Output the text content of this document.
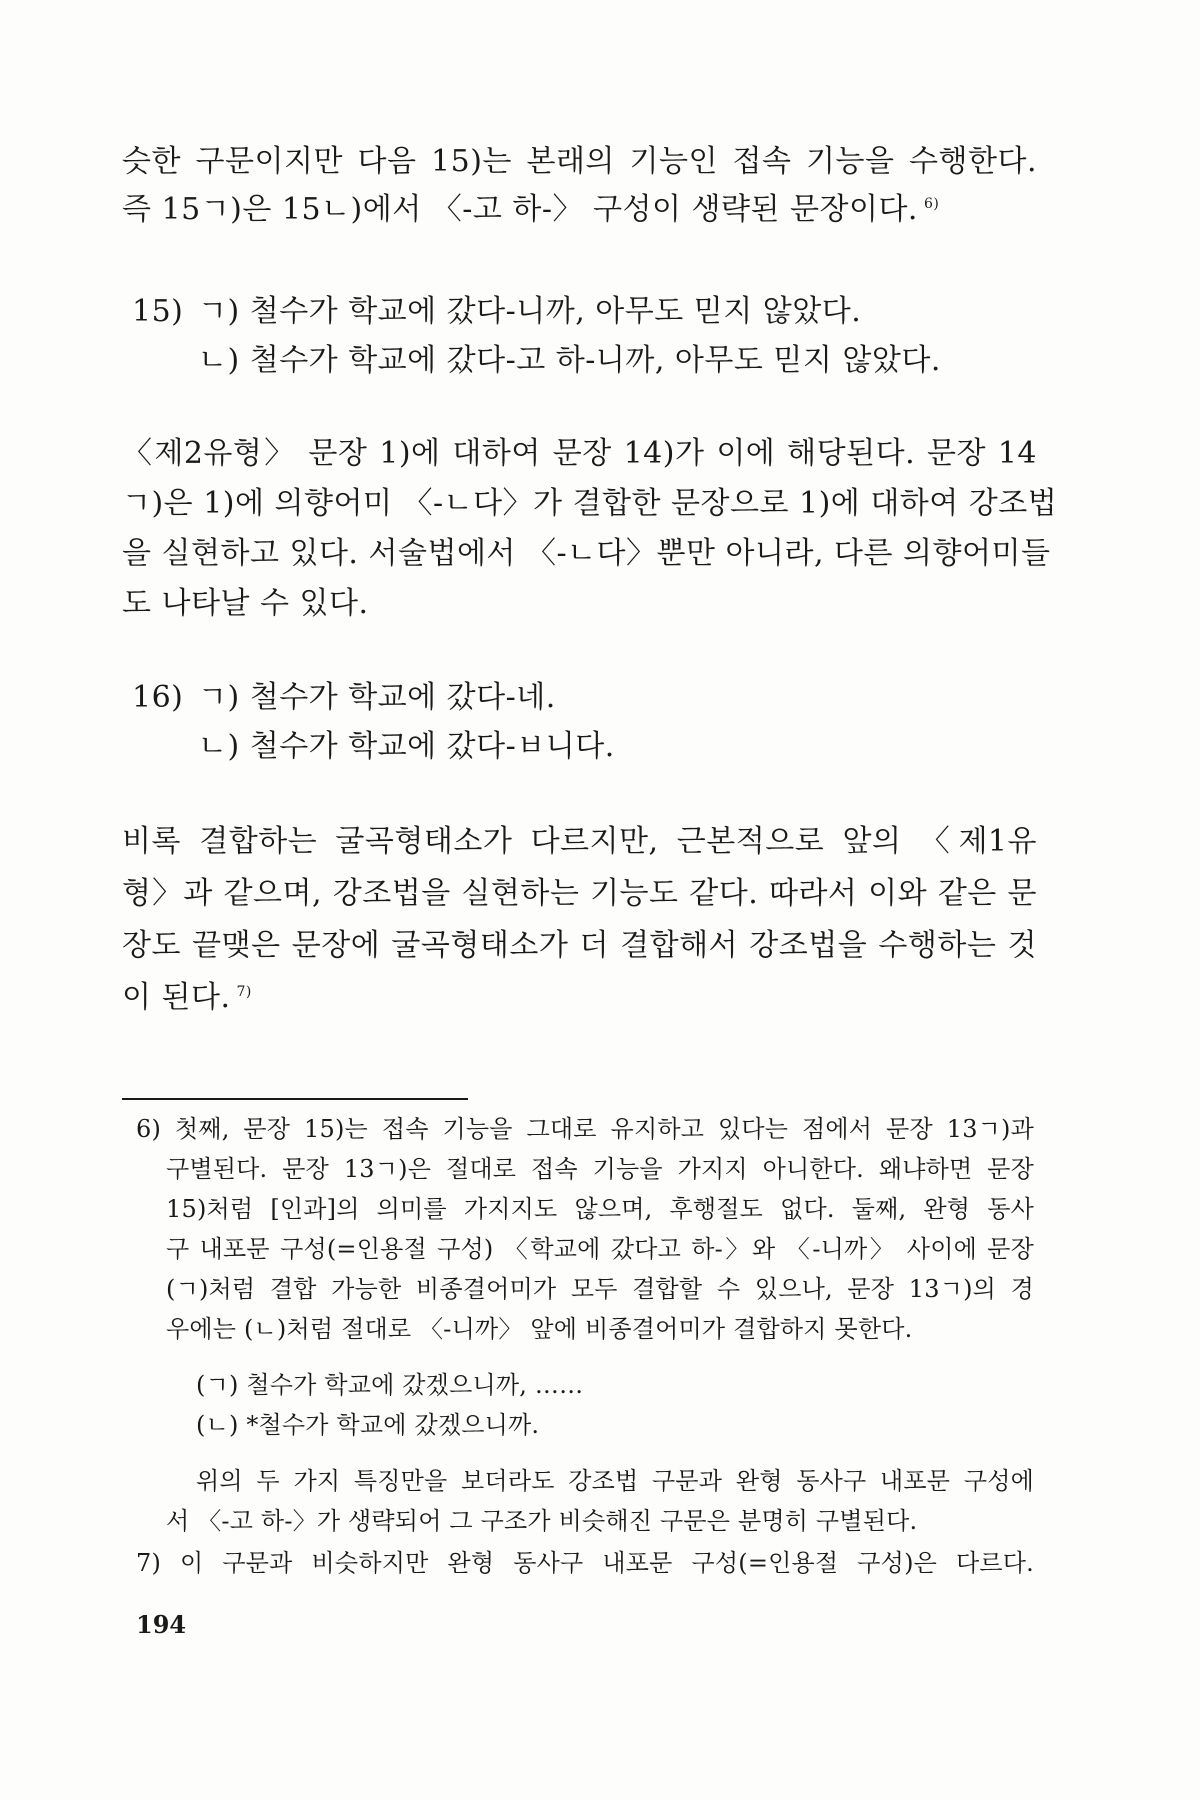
슷한 구문이지만 다음 15)는 본래의 기능인 접속 기능을 수행한다.
즉 15ㄱ)은 15ㄴ)에서 〈-고 하-〉 구성이 생략된 문장이다. $^{6)}$
15) ㄱ) 철수가 학교에 갔다-니까, 아무도 믿지 않았다.
ㄴ) 철수가 학교에 갔다-고 하-니까, 아무도 믿지 않았다.
〈제2유형〉 문장 1)에 대하여 문장 14)가 이에 해당된다. 문장 14
ㄱ)은 1)에 의향어미 〈-ㄴ다〉가 결합한 문장으로 1)에 대하여 강조법
을 실현하고 있다. 서술법에서 〈-ㄴ다〉뿐만 아니라, 다른 의향어미들
도 나타날 수 있다.
16) ㄱ) 철수가 학교에 갔다-네.
ㄴ) 철수가 학교에 갔다-ㅂ니다.
비록 결합하는 굴곡형태소가 다르지만, 근본적으로 앞의 〈제1유
형〉과 같으며, 강조법을 실현하는 기능도 같다. 따라서 이와 같은 문
장도 끝맺은 문장에 굴곡형태소가 더 결합해서 강조법을 수행하는 것
이 된다. $^{7)}$
6) 첫째, 문장 15)는 접속 기능을 그대로 유지하고 있다는 점에서 문장 13ㄱ)과
구별된다. 문장 13ㄱ)은 절대로 접속 기능을 가지지 아니한다. 왜냐하면 문장
15)처럼 [인과]의 의미를 가지지도 않으며, 후행절도 없다. 둘째, 완형 동사
구 내포문 구성(=인용절 구성) 〈학교에 갔다고 하-〉와 〈-니까〉 사이에 문장
(ㄱ)처럼 결합 가능한 비종결어미가 모두 결합할 수 있으나, 문장 13ㄱ)의 경
우에는 (ㄴ)처럼 절대로 〈-니까〉 앞에 비종결어미가 결합하지 못한다.
(ㄱ) 철수가 학교에 갔겠으니까, ……
(ㄴ) *철수가 학교에 갔겠으니까.
위의 두 가지 특징만을 보더라도 강조법 구문과 완형 동사구 내포문 구성에
서 〈-고 하-〉가 생략되어 그 구조가 비슷해진 구문은 분명히 구별된다.
7) 이 구문과 비슷하지만 완형 동사구 내포문 구성(=인용절 구성)은 다르다.
194
